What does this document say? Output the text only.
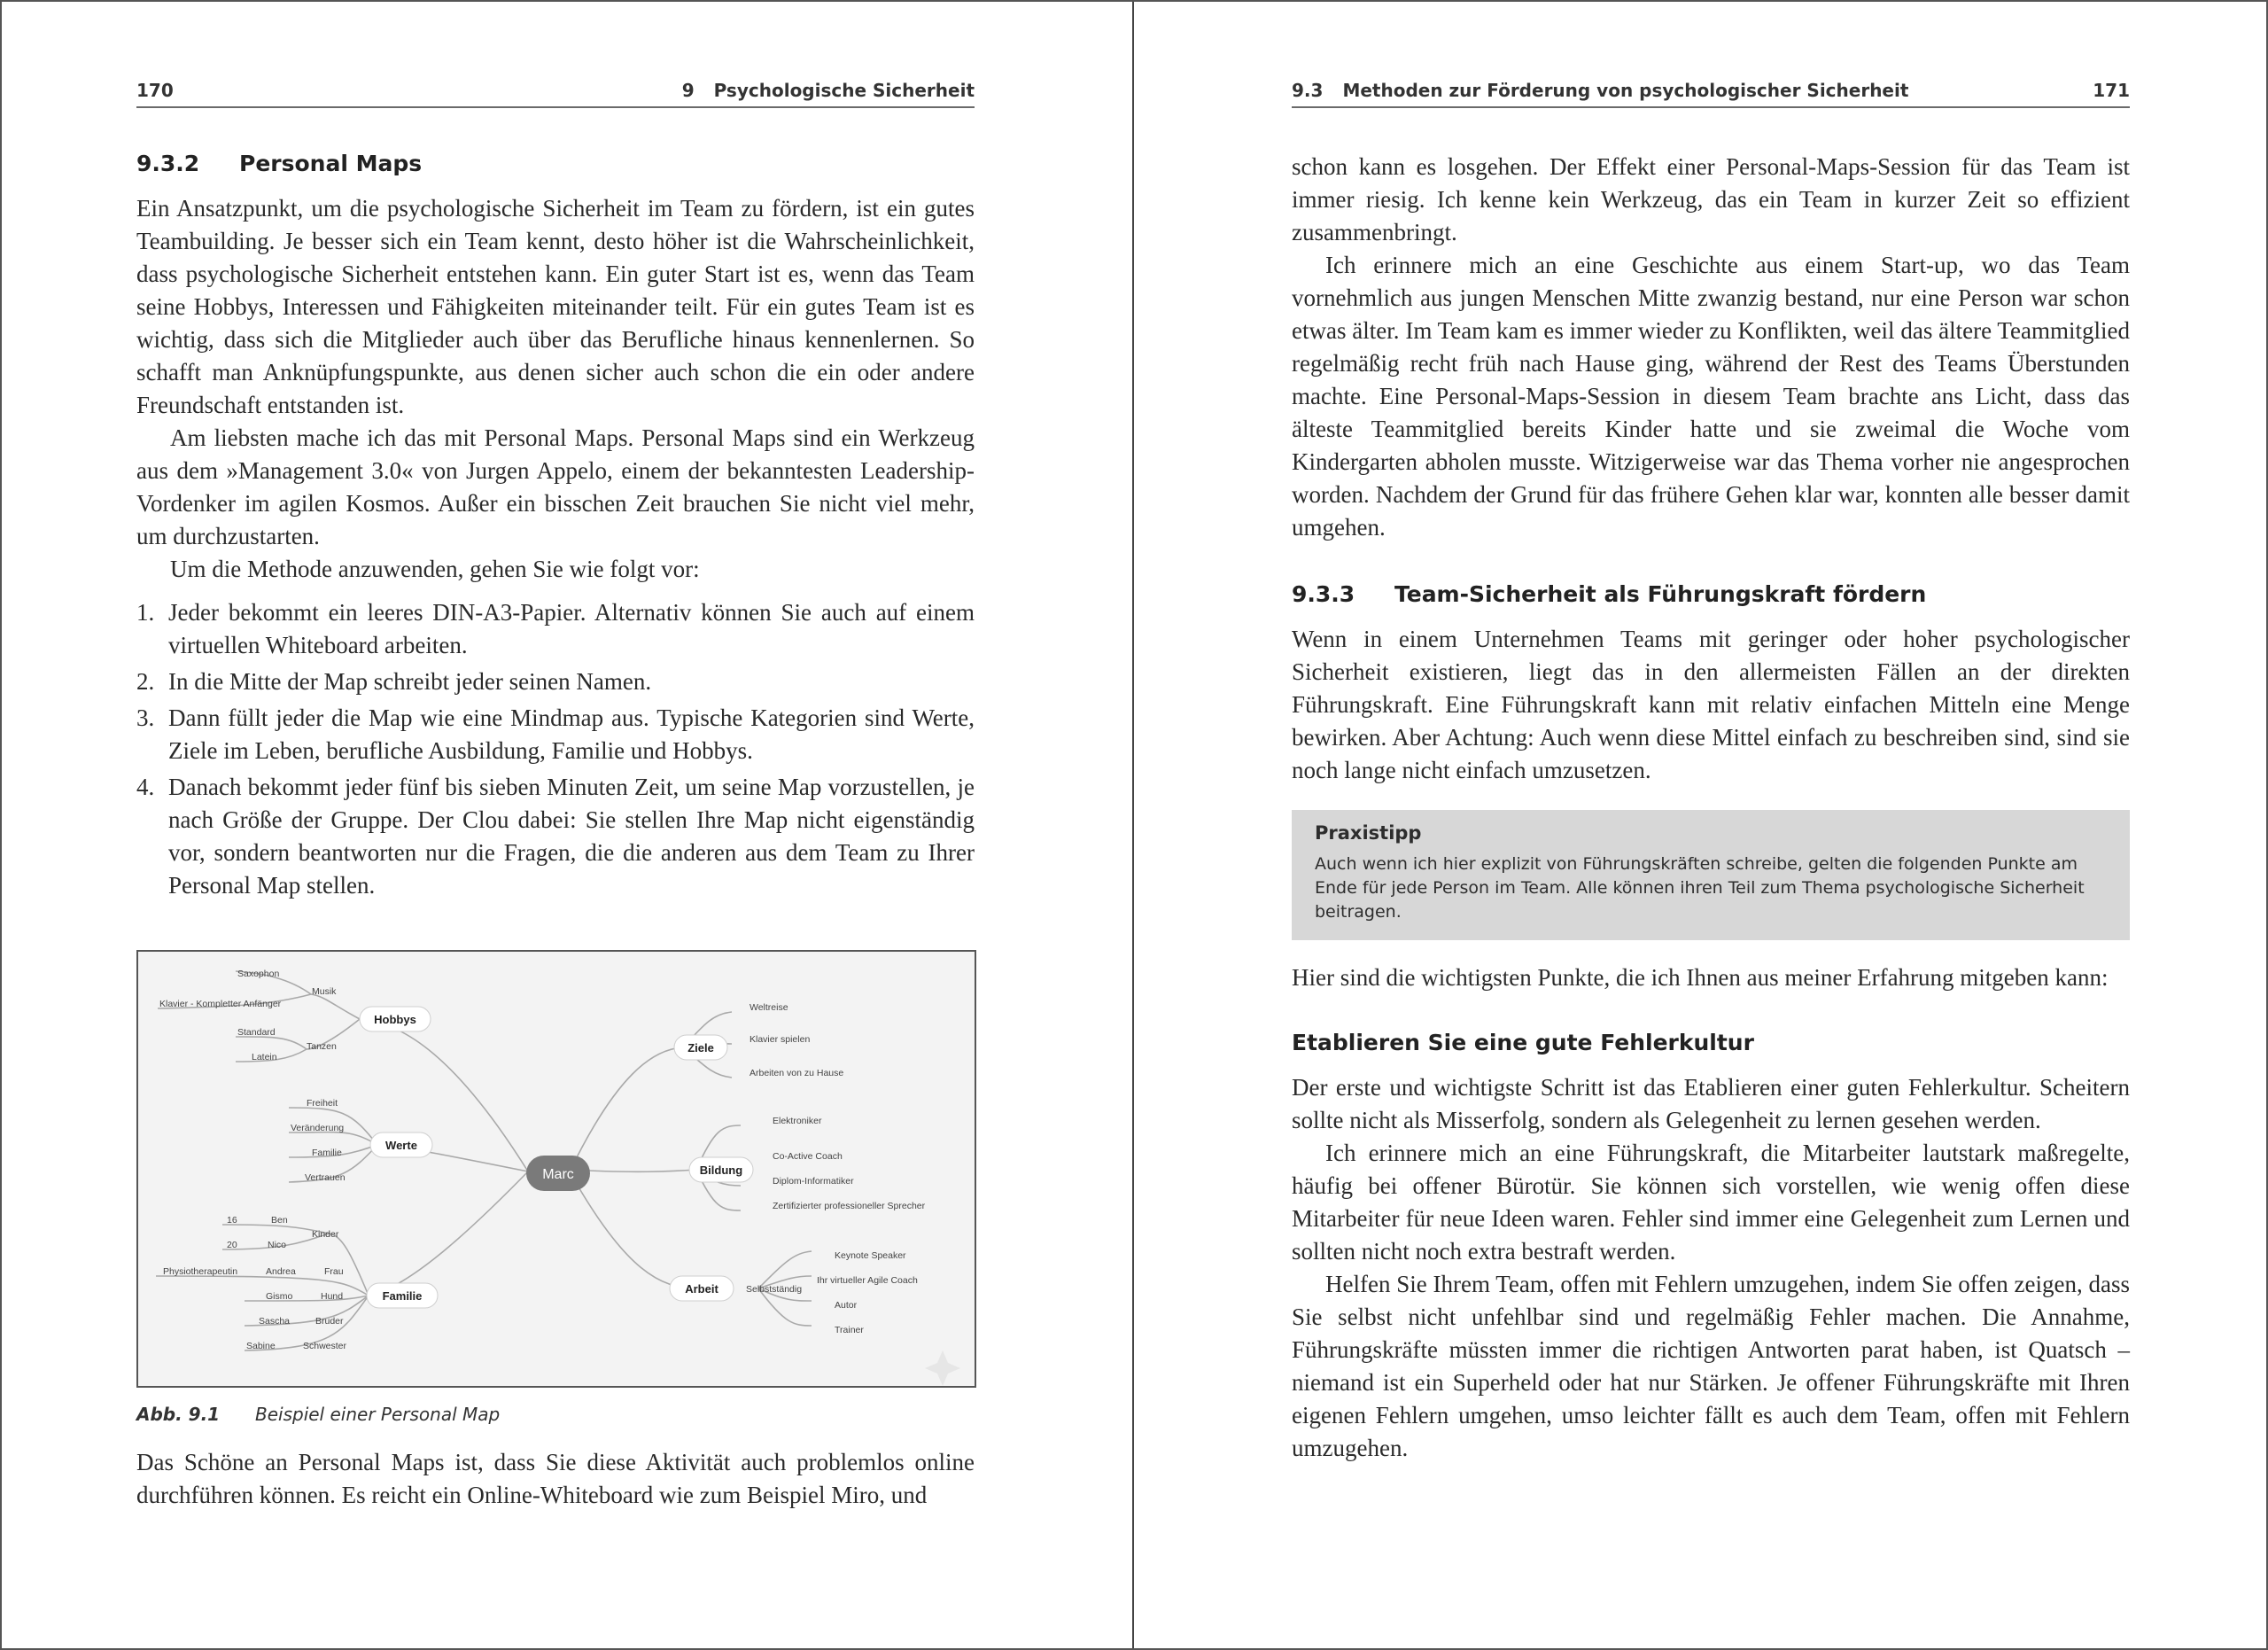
170	9 Psychologische Sicherheit
9.3.2 Personal Maps

Ein Ansatzpunkt, um die psychologische Sicherheit im Team zu fördern, ist ein gutes Teambuilding. Je besser sich ein Team kennt, desto höher ist die Wahrscheinlichkeit, dass psychologische Sicherheit entstehen kann. Ein guter Start ist es, wenn das Team seine Hobbys, Interessen und Fähigkeiten miteinander teilt. Für ein gutes Team ist es wichtig, dass sich die Mitglieder auch über das Berufliche hinaus kennenlernen. So schafft man Anknüpfungspunkte, aus denen sicher auch schon die ein oder andere Freundschaft entstanden ist.

Am liebsten mache ich das mit Personal Maps. Personal Maps sind ein Werkzeug aus dem »Management 3.0« von Jurgen Appelo, einem der bekanntesten Leadership-Vordenker im agilen Kosmos. Außer ein bisschen Zeit brauchen Sie nicht viel mehr, um durchzustarten.

Um die Methode anzuwenden, gehen Sie wie folgt vor:

1. Jeder bekommt ein leeres DIN-A3-Papier. Alternativ können Sie auch auf einem virtuellen Whiteboard arbeiten.
2. In die Mitte der Map schreibt jeder seinen Namen.
3. Dann füllt jeder die Map wie eine Mindmap aus. Typische Kategorien sind Werte, Ziele im Leben, berufliche Ausbildung, Familie und Hobbys.
4. Danach bekommt jeder fünf bis sieben Minuten Zeit, um seine Map vorzustellen, je nach Größe der Gruppe. Der Clou dabei: Sie stellen Ihre Map nicht eigenständig vor, sondern beantworten nur die Fragen, die die anderen aus dem Team zu Ihrer Personal Map stellen.
Marc
Hobbys
Werte
Familie
Ziele
Bildung
Arbeit
Saxophon
Musik
Klavier - Kompletter Anfänger
Standard
Tanzen
Latein
Freiheit
Veränderung
Familie
Vertrauen
16	Ben
Kinder
20	Nico
Physiotherapeutin	Andrea	Frau
Gismo	Hund
Sascha	Bruder
Sabine	Schwester
Weltreise
Klavier spielen
Arbeiten von zu Hause
Elektroniker
Co-Active Coach
Diplom-Informatiker
Zertifizierter professioneller Sprecher
Selbstständig
Keynote Speaker
Ihr virtueller Agile Coach
Autor
Trainer
Abb. 9.1 Beispiel einer Personal Map

Das Schöne an Personal Maps ist, dass Sie diese Aktivität auch problemlos online durchführen können. Es reicht ein Online-Whiteboard wie zum Beispiel Miro, und

9.3 Methoden zur Förderung von psychologischer Sicherheit	171

schon kann es losgehen. Der Effekt einer Personal-Maps-Session für das Team ist immer riesig. Ich kenne kein Werkzeug, das ein Team in kurzer Zeit so effizient zusammenbringt.

Ich erinnere mich an eine Geschichte aus einem Start-up, wo das Team vornehmlich aus jungen Menschen Mitte zwanzig bestand, nur eine Person war schon etwas älter. Im Team kam es immer wieder zu Konflikten, weil das ältere Teammitglied regelmäßig recht früh nach Hause ging, während der Rest des Teams Überstunden machte. Eine Personal-Maps-Session in diesem Team brachte ans Licht, dass das älteste Teammitglied bereits Kinder hatte und sie zweimal die Woche vom Kindergarten abholen musste. Witzigerweise war das Thema vorher nie angesprochen worden. Nachdem der Grund für das frühere Gehen klar war, konnten alle besser damit umgehen.

9.3.3 Team-Sicherheit als Führungskraft fördern

Wenn in einem Unternehmen Teams mit geringer oder hoher psychologischer Sicherheit existieren, liegt das in den allermeisten Fällen an der direkten Führungskraft. Eine Führungskraft kann mit relativ einfachen Mitteln eine Menge bewirken. Aber Achtung: Auch wenn diese Mittel einfach zu beschreiben sind, sind sie noch lange nicht einfach umzusetzen.

Praxistipp
Auch wenn ich hier explizit von Führungskräften schreibe, gelten die folgenden Punkte am Ende für jede Person im Team. Alle können ihren Teil zum Thema psychologische Sicherheit beitragen.

Hier sind die wichtigsten Punkte, die ich Ihnen aus meiner Erfahrung mitgeben kann:

Etablieren Sie eine gute Fehlerkultur

Der erste und wichtigste Schritt ist das Etablieren einer guten Fehlerkultur. Scheitern sollte nicht als Misserfolg, sondern als Gelegenheit zu lernen gesehen werden.

Ich erinnere mich an eine Führungskraft, die Mitarbeiter lautstark maßregelte, häufig bei offener Bürotür. Sie können sich vorstellen, wie wenig offen diese Mitarbeiter für neue Ideen waren. Fehler sind immer eine Gelegenheit zum Lernen und sollten nicht noch extra bestraft werden.

Helfen Sie Ihrem Team, offen mit Fehlern umzugehen, indem Sie offen zeigen, dass Sie selbst nicht unfehlbar sind und regelmäßig Fehler machen. Die Annahme, Führungskräfte müssten immer die richtigen Antworten parat haben, ist Quatsch – niemand ist ein Superheld oder hat nur Stärken. Je offener Führungskräfte mit Ihren eigenen Fehlern umgehen, umso leichter fällt es auch dem Team, offen mit Fehlern umzugehen.
